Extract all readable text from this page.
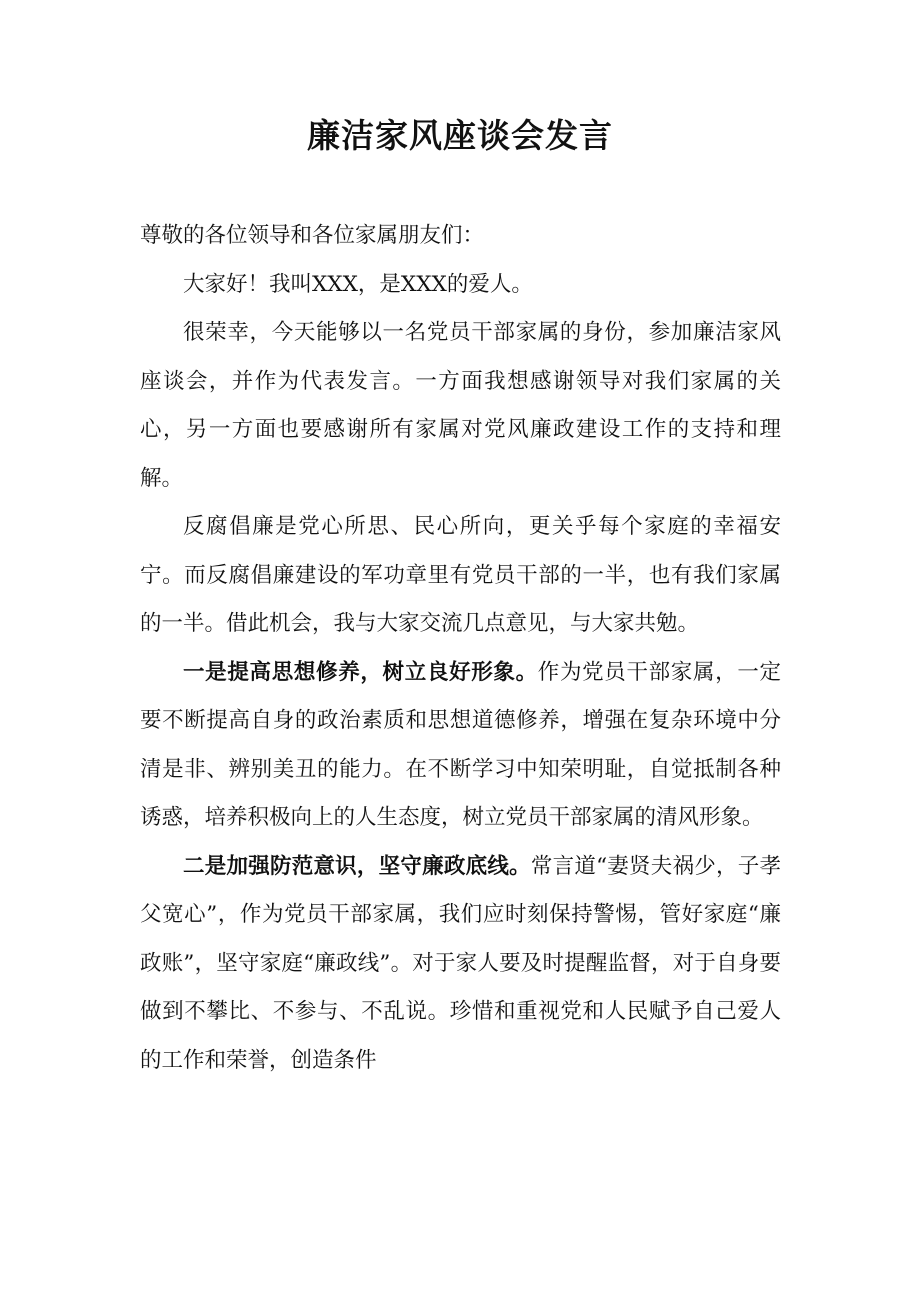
廉洁家风座谈会发言

尊敬的各位领导和各位家属朋友们：

大家好！我叫XXX，是XXX的爱人。

很荣幸，今天能够以一名党员干部家属的身份，参加廉洁家风座谈会，并作为代表发言。一方面我想感谢领导对我们家属的关心，另一方面也要感谢所有家属对党风廉政建设工作的支持和理解。

反腐倡廉是党心所思、民心所向，更关乎每个家庭的幸福安宁。而反腐倡廉建设的军功章里有党员干部的一半，也有我们家属的一半。借此机会，我与大家交流几点意见，与大家共勉。

一是提高思想修养，树立良好形象。作为党员干部家属，一定要不断提高自身的政治素质和思想道德修养，增强在复杂环境中分清是非、辨别美丑的能力。在不断学习中知荣明耻，自觉抵制各种诱惑，培养积极向上的人生态度，树立党员干部家属的清风形象。

二是加强防范意识，坚守廉政底线。常言道“妻贤夫祸少，子孝父宽心”，作为党员干部家属，我们应时刻保持警惕，管好家庭“廉政账”，坚守家庭“廉政线”。对于家人要及时提醒监督，对于自身要做到不攀比、不参与、不乱说。珍惜和重视党和人民赋予自己爱人的工作和荣誉，创造条件
